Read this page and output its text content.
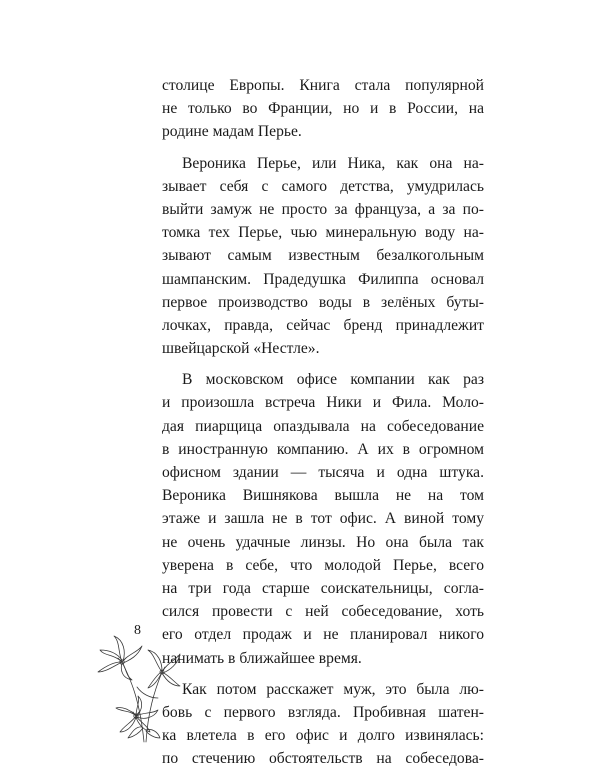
столице Европы. Книга стала популярной
не только во Франции, но и в России, на
родине мадам Перье.
Вероника Перье, или Ника, как она на-
зывает себя с самого детства, умудрилась
выйти замуж не просто за француза, а за по-
томка тех Перье, чью минеральную воду на-
зывают самым известным безалкогольным
шампанским. Прадедушка Филиппа основал
первое производство воды в зелёных буты-
лочках, правда, сейчас бренд принадлежит
швейцарской «Нестле».
В московском офисе компании как раз
и произошла встреча Ники и Фила. Моло-
дая пиарщица опаздывала на собеседование
в иностранную компанию. А их в огромном
офисном здании — тысяча и одна штука.
Вероника Вишнякова вышла не на том
этаже и зашла не в тот офис. А виной тому
не очень удачные линзы. Но она была так
уверена в себе, что молодой Перье, всего
на три года старше соискательницы, согла-
сился провести с ней собеседование, хоть
его отдел продаж и не планировал никого
нанимать в ближайшее время.
Как потом расскажет муж, это была лю-
бовь с первого взгляда. Пробивная шатен-
ка влетела в его офис и долго извинялась:
по стечению обстоятельств на собеседова-
8
